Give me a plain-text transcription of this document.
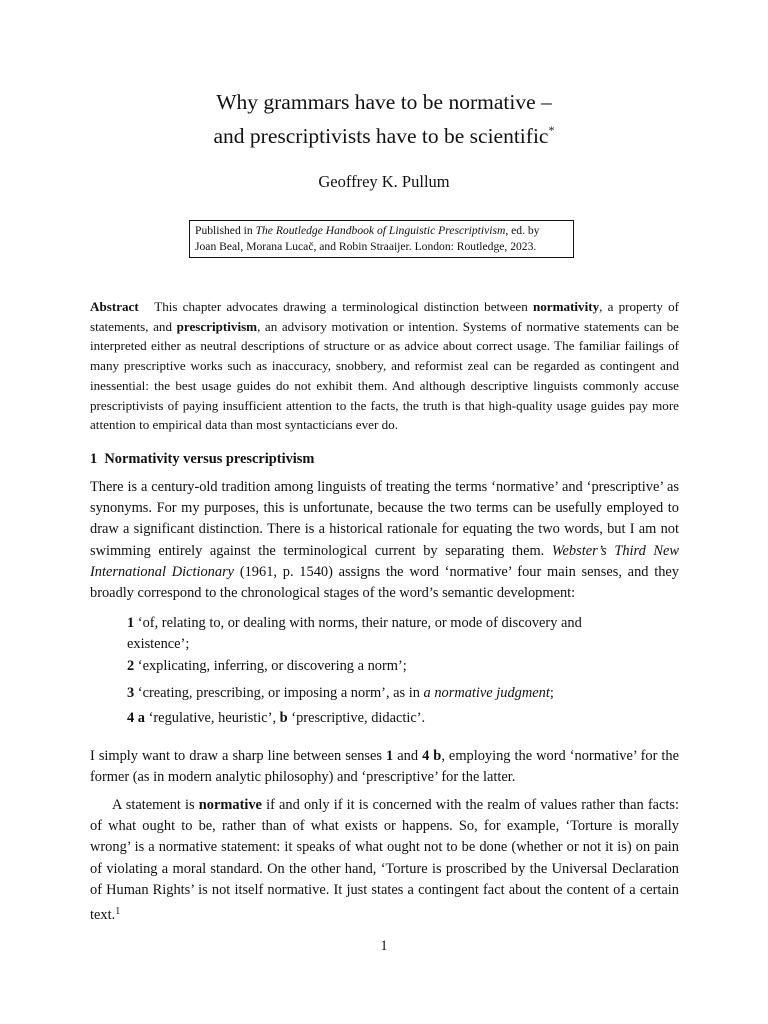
Why grammars have to be normative –
and prescriptivists have to be scientific*
Geoffrey K. Pullum
Published in The Routledge Handbook of Linguistic Prescriptivism, ed. by
Joan Beal, Morana Lucač, and Robin Straaijer. London: Routledge, 2023.
Abstract This chapter advocates drawing a terminological distinction between normativity, a property of statements, and prescriptivism, an advisory motivation or intention. Systems of normative statements can be interpreted either as neutral descriptions of structure or as advice about correct usage. The familiar failings of many prescriptive works such as inaccuracy, snobbery, and reformist zeal can be regarded as contingent and inessential: the best usage guides do not exhibit them. And although descriptive linguists commonly accuse prescriptivists of paying insufficient attention to the facts, the truth is that high-quality usage guides pay more attention to empirical data than most syntacticians ever do.
1 Normativity versus prescriptivism
There is a century-old tradition among linguists of treating the terms ‘normative’ and ‘prescriptive’ as synonyms. For my purposes, this is unfortunate, because the two terms can be usefully employed to draw a significant distinction. There is a historical rationale for equating the two words, but I am not swimming entirely against the terminological current by separating them. Webster’s Third New International Dictionary (1961, p. 1540) assigns the word ‘normative’ four main senses, and they broadly correspond to the chronological stages of the word’s semantic development:
1 ‘of, relating to, or dealing with norms, their nature, or mode of discovery and existence’;
2 ‘explicating, inferring, or discovering a norm’;
3 ‘creating, prescribing, or imposing a norm’, as in a normative judgment;
4 a ‘regulative, heuristic’, b ‘prescriptive, didactic’.
I simply want to draw a sharp line between senses 1 and 4 b, employing the word ‘normative’ for the former (as in modern analytic philosophy) and ‘prescriptive’ for the latter.
A statement is normative if and only if it is concerned with the realm of values rather than facts: of what ought to be, rather than of what exists or happens. So, for example, ‘Torture is morally wrong’ is a normative statement: it speaks of what ought not to be done (whether or not it is) on pain of violating a moral standard. On the other hand, ‘Torture is proscribed by the Universal Declaration of Human Rights’ is not itself normative. It just states a contingent fact about the content of a certain text.$^1$
1
